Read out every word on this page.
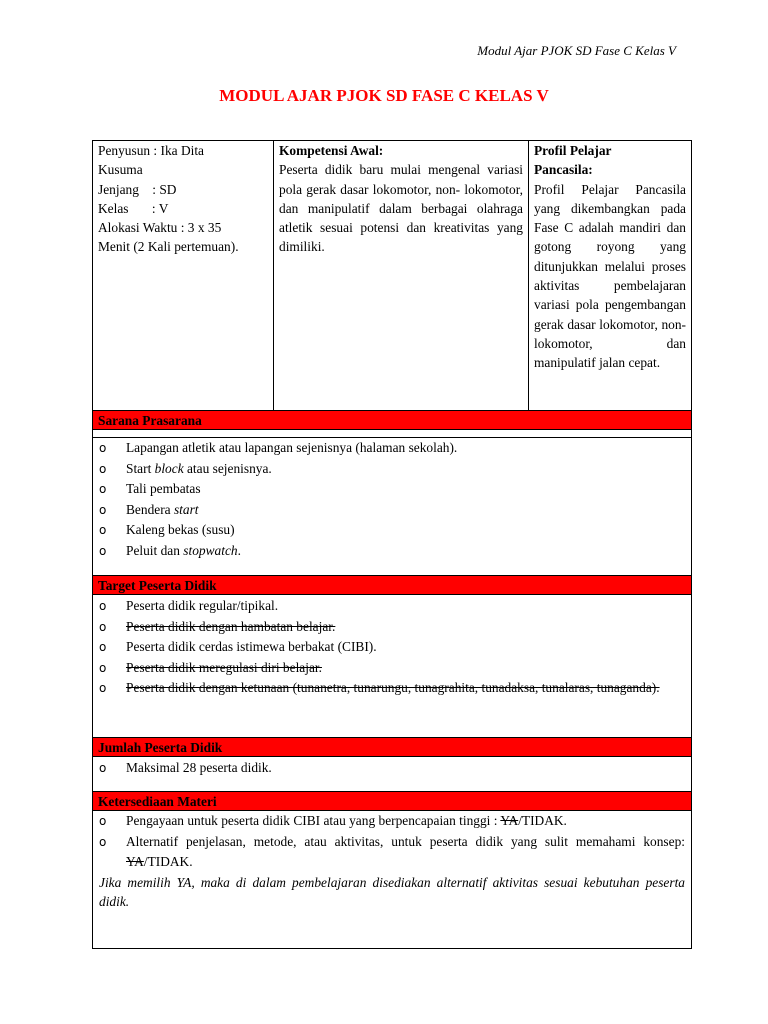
Modul Ajar PJOK SD Fase C Kelas V
MODUL AJAR PJOK SD FASE C KELAS V
Penyusun : Ika Dita
Kusuma
Jenjang    : SD
Kelas       : V
Alokasi Waktu : 3 x 35
Menit (2 Kali pertemuan).
Kompetensi Awal:
Peserta didik baru mulai mengenal variasi pola gerak dasar lokomotor, non- lokomotor, dan manipulatif dalam berbagai olahraga atletik sesuai potensi dan kreativitas yang dimiliki.
Profil Pelajar
Pancasila:
Profil Pelajar Pancasila yang dikembangkan pada Fase C adalah mandiri dan gotong royong yang ditunjukkan melalui proses aktivitas pembelajaran variasi pola pengembangan gerak dasar lokomotor, non-lokomotor, dan
manipulatif jalan cepat.
Sarana Prasarana
o Lapangan atletik atau lapangan sejenisnya (halaman sekolah).
o Start block atau sejenisnya.
o Tali pembatas
o Bendera start
o Kaleng bekas (susu)
o Peluit dan stopwatch.
Target Peserta Didik
o Peserta didik regular/tipikal.
o Peserta didik dengan hambatan belajar.
o Peserta didik cerdas istimewa berbakat (CIBI).
o Peserta didik meregulasi diri belajar.
o Peserta didik dengan ketunaan (tunanetra, tunarungu, tunagrahita, tunadaksa, tunalaras, tunaganda).
Jumlah Peserta Didik
o Maksimal 28 peserta didik.
Ketersediaan Materi
o Pengayaan untuk peserta didik CIBI atau yang berpencapaian tinggi : YA/TIDAK.
o Alternatif penjelasan, metode, atau aktivitas, untuk peserta didik yang sulit memahami konsep: YA/TIDAK.
Jika memilih YA, maka di dalam pembelajaran disediakan alternatif aktivitas sesuai kebutuhan peserta didik.
